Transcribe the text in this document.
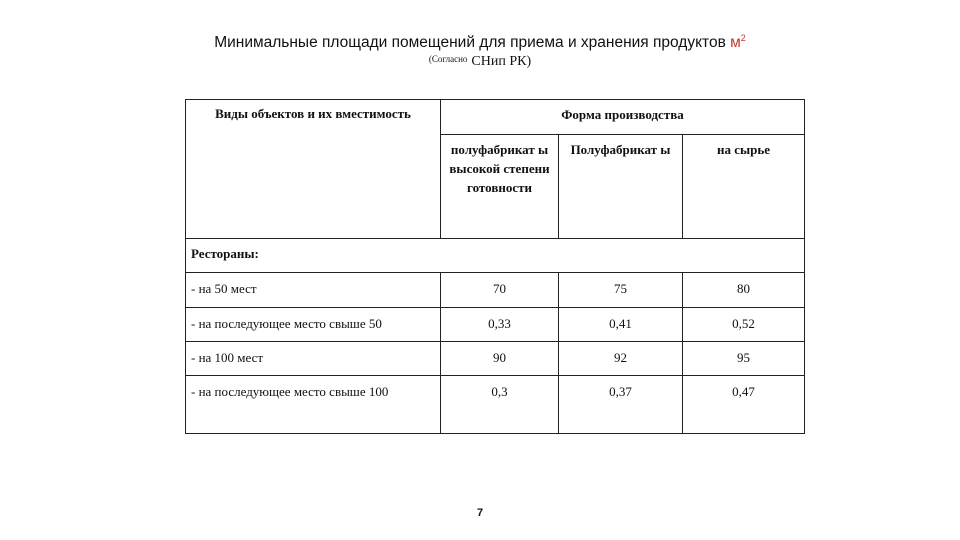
Минимальные площади помещений для приема и хранения продуктов $м^2$
$^{(Согласно}$ СНип РК)
Виды объектов и их вместимость	Форма производства		
	полуфабрикат ы высокой степени готовности	Полуфабрикат ы	на сырье
Рестораны:			
- на 50 мест	70	75	80
- на последующее место свыше 50	0,33	0,41	0,52
- на 100 мест	90	92	95
- на последующее место свыше 100	0,3	0,37	0,47
7
